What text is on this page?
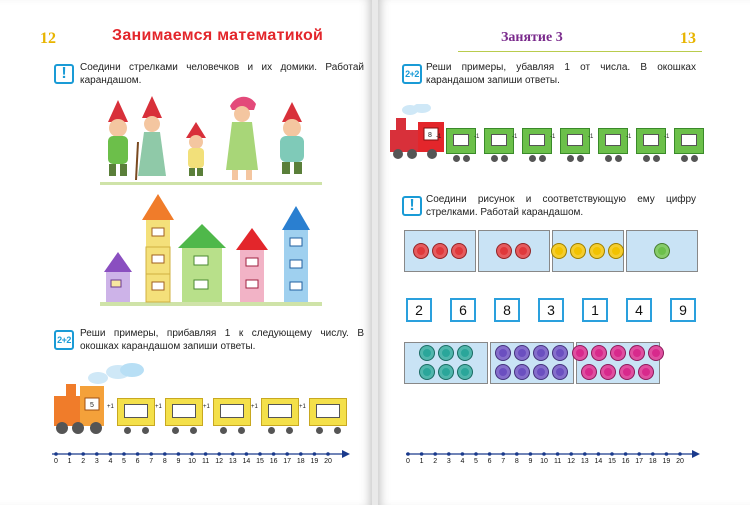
12	Занимаемся математикой
!	Соедини стрелками человечков и их домики. Работай карандашом.
2+2
Реши примеры, прибавляя 1 к следующему числу. В окошках карандашом запиши ответы.
5 +1	+1	+1	+1	+1
0	1	2	3	4	5	6	7	8	9	10 11 12 13 14 15 16 17 18 19 20
Занятие 3	13
2+2
Реши примеры, убавляя 1 от числа. В окошках карандашом запиши ответы.
8 -1	-1	-1	-1	-1	-1	-1
!	Соедини рисунок и соответствующую ему цифру стрелками. Работай карандашом.
2	6	8	3	1	4	9
0	1	2	3	4	5	6	7	8	9	10 11 12 13 14 15 16 17 18 19 20
